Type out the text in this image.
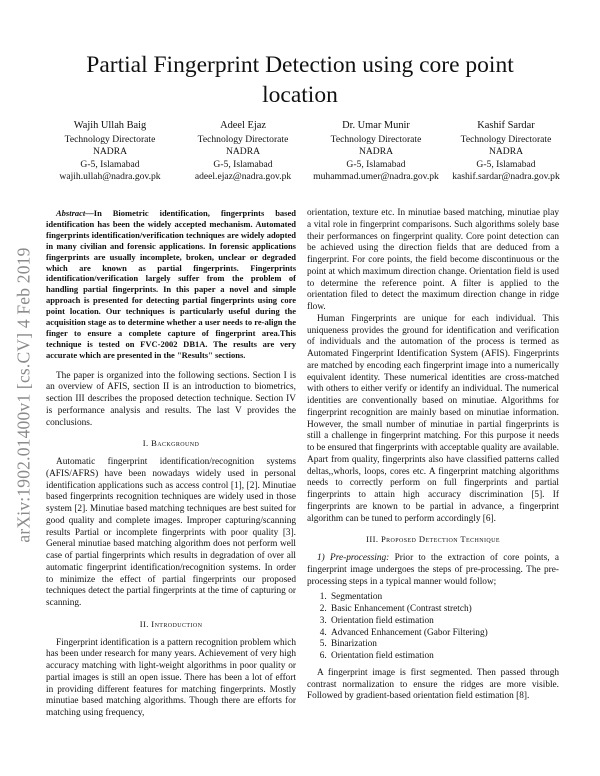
arXiv:1902.01400v1 [cs.CV] 4 Feb 2019
Partial Fingerprint Detection using core point location
Wajih Ullah Baig
Technology Directorate
NADRA
G-5, Islamabad
wajih.ullah@nadra.gov.pk
Adeel Ejaz
Technology Directorate
NADRA
G-5, Islamabad
adeel.ejaz@nadra.gov.pk
Dr. Umar Munir
Technology Directorate
NADRA
G-5, Islamabad
muhammad.umer@nadra.gov.pk
Kashif Sardar
Technology Directorate
NADRA
G-5, Islamabad
kashif.sardar@nadra.gov.pk

Abstract—In Biometric identification, fingerprints based identification has been the widely accepted mechanism. Automated fingerprints identification/verification techniques are widely adopted in many civilian and forensic applications. In forensic applications fingerprints are usually incomplete, broken, unclear or degraded which are known as partial fingerprints. Fingerprints identification/verification largely suffer from the problem of handling partial fingerprints. In this paper a novel and simple approach is presented for detecting partial fingerprints using core point location. Our techniques is particularly useful during the acquisition stage as to determine whether a user needs to re-align the finger to ensure a complete capture of fingerprint area.This technique is tested on FVC-2002 DB1A. The results are very accurate which are presented in the "Results" sections.

The paper is organized into the following sections. Section I is an overview of AFIS, section II is an introduction to biometrics, section III describes the proposed detection technique. Section IV is performance analysis and results. The last V provides the conclusions.

I. Background

Automatic fingerprint identification/recognition systems (AFIS/AFRS) have been nowadays widely used in personal identification applications such as access control [1], [2]. Minutiae based fingerprints recognition techniques are widely used in those system [2]. Minutiae based matching techniques are best suited for good quality and complete images. Improper capturing/scanning results Partial or incomplete fingerprints with poor quality [3]. General minutiae based matching algorithm does not perform well case of partial fingerprints which results in degradation of over all automatic fingerprint identification/recognition systems. In order to minimize the effect of partial fingerprints our proposed techniques detect the partial fingerprints at the time of capturing or scanning.

II. Introduction

Fingerprint identification is a pattern recognition problem which has been under research for many years. Achievement of very high accuracy matching with light-weight algorithms in poor quality or partial images is still an open issue. There has been a lot of effort in providing different features for matching fingerprints. Mostly minutiae based matching algorithms. Though there are efforts for matching using frequency,

orientation, texture etc. In minutiae based matching, minutiae play a vital role in fingerprint comparisons. Such algorithms solely base their performances on fingerprint quality. Core point detection can be achieved using the direction fields that are deduced from a fingerprint. For core points, the field become discontinuous or the point at which maximum direction change. Orientation field is used to determine the reference point. A filter is applied to the orientation filed to detect the maximum direction change in ridge flow.

Human Fingerprints are unique for each individual. This uniqueness provides the ground for identification and verification of individuals and the automation of the process is termed as Automated Fingerprint Identification System (AFIS). Fingerprints are matched by encoding each fingerprint image into a numerically equivalent identity. These numerical identities are cross-matched with others to either verify or identify an individual. The numerical identities are conventionally based on minutiae. Algorithms for fingerprint recognition are mainly based on minutiae information. However, the small number of minutiae in partial fingerprints is still a challenge in fingerprint matching. For this purpose it needs to be ensured that fingerprints with acceptable quality are available. Apart from quality, fingerprints also have classified patterns called deltas,,whorls, loops, cores etc. A fingerprint matching algorithms needs to correctly perform on full fingerprints and partial fingerprints to attain high accuracy discrimination [5]. If fingerprints are known to be partial in advance, a fingerprint algorithm can be tuned to perform accordingly [6].

III. Proposed Detection Technique

1) Pre-processing: Prior to the extraction of core points, a fingerprint image undergoes the steps of pre-processing. The pre-processing steps in a typical manner would follow;

1. Segmentation
2. Basic Enhancement (Contrast stretch)
3. Orientation field estimation
4. Advanced Enhancement (Gabor Filtering)
5. Binarization
6. Orientation field estimation

A fingerprint image is first segmented. Then passed through contrast normalization to ensure the ridges are more visible. Followed by gradient-based orientation field estimation [8].
